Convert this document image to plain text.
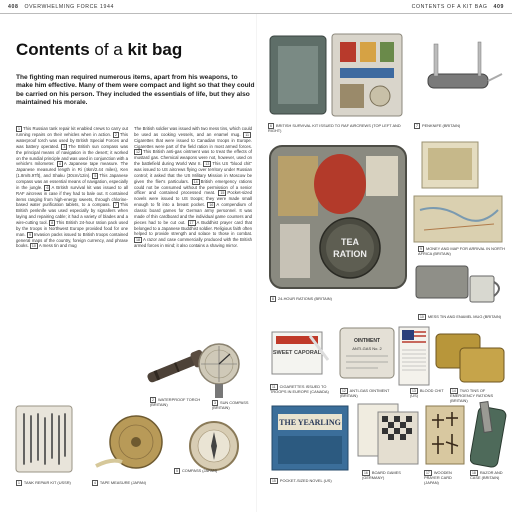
408 OVERWHELMING FORCE 1944	CONTENTS OF A KIT BAG 409
Contents of a kit bag
The fighting man required numerous items, apart from his weapons, to make him effective. Many of them were compact and light so that they could be carried on his person. They included the essentials of life, but they also maintained his morale.
1 This Russian tank repair kit enabled crews to carry out running repairs on their vehicles when in action. 2 This waterproof torch was used by British Special Forces and was battery operated. 3 The British sun compass was the principal means of navigation in the desert; it worked on the sundial principle and was used in conjunction with a vehicle's milometer. 4 A Japanese tape measure. The Japanese measured length in Ri (4km/2.44 miles), Ken (1.8m/5.97ft), and Shaku (30cm/12in). 5 This Japanese compass was an essential means of navigation, especially in the jungle. 6 A British survival kit was issued to all RAF aircrews in case if they had to bale out. It contained items ranging from high-energy sweets, through chlorine-based water purification tablets, to a compass. 7 This British penknife was used especially by signallers when laying and repairing cable; it had a variety of blades and a wire-cutting tool. 8 This British 24-hour ration pack used by the troops in Northwest Europe provided food for one man. 9 Invasion packs issued to British troops contained general maps of the country, foreign currency, and phrase books. 10 A mess tin and mug
The British soldier was issued with two mess tins, which could be used as cooking vessels, and an enamel mug. 11Cigarettes that were issued to Canadian troops in Europe. Cigarettes were part of the field ration in most armed forces. 12 This British anti-gas ointment was to treat the effects of mustard gas. Chemical weapons were not, however, used on the battlefield during World War II. 13 This US "blood chit" was issued to US aircrews flying over territory under Russian control; it asked that the US Military Mission in Moscow be given the flier's particulars. 14 British emergency rations could not be consumed without the permission of a senior officer and contained processed meat. 15 Pocket-sized novels were issued to US troops; they were made small enough to fit into a breast pocket. 16 A compendium of classic board games for German army personnel. It was made of thin cardboard and the individual game counters and pieces had to be cut out. 17 A Buddhist prayer card that belonged to a Japanese Buddhist soldier. Religious faith often helped to provide strength and solace to those in combat. 18 A razor and case commercially produced with the British armed forces in mind; it also contains a shaving mirror.
2 WATERPROOF TORCH (BRITAIN)	3 SUN COMPASS (BRITAIN)
1 TANK REPAIR KIT (USSR)	4 TAPE MEASURE (JAPAN)
5 COMPASS (JAPAN)
6 BRITISH SURVIVAL KIT ISSUED TO RAF AIRCREWS (TOP LEFT AND RIGHT)
7 PENKNIFE (BRITAIN)
TEA
RATION
8 24-HOUR RATIONS (BRITAIN)
9 MONEY AND MAP FOR ARRIVAL IN NORTH AFRICA (BRITAIN)
10 MESS TIN AND ENAMEL MUG (BRITAIN)
SWEET CAPORAL
11 CIGARETTES ISSUED TO TROOPS IN EUROPE (CANADA)
OINTMENT
ANTI-GAS No. 2
12 ANTI-GAS OINTMENT (BRITAIN)
13 BLOOD CHIT (US)
14 TWO TINS OF EMERGENCY RATIONS (BRITAIN)
THE YEARLING
15 POCKET-SIZED NOVEL (US)
16 BOARD GAMES (GERMANY)
17 WOODEN PRAYER CARD (JAPAN)
18 RAZOR AND CASE (BRITAIN)
